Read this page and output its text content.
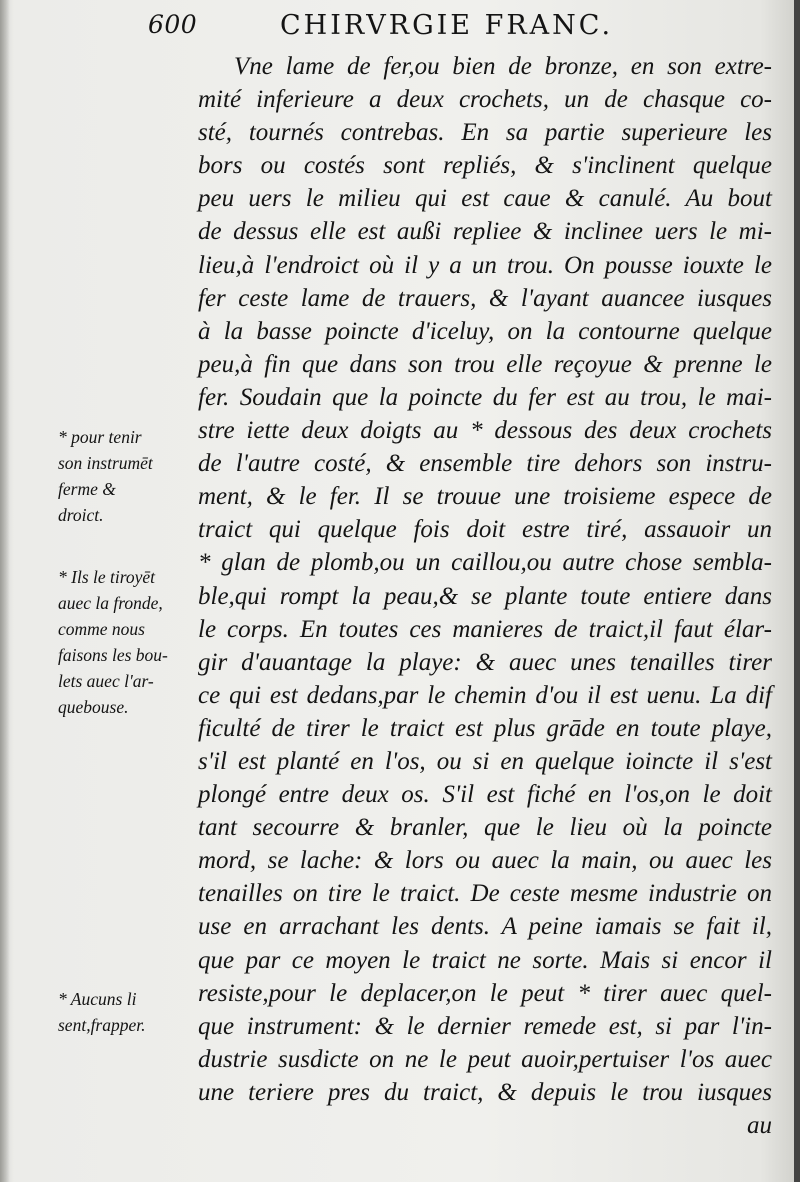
600	CHIRVRGIE FRANC.
Vne lame de fer,ou bien de bronze, en son extre-
mité inferieure a deux crochets, un de chasque co-
sté, tournés contrebas. En sa partie superieure les
bors ou costés sont repliés, & s'inclinent quelque
peu uers le milieu qui est caue & canulé. Au bout
de dessus elle est außi repliee & inclinee uers le mi-
lieu,à l'endroict où il y a un trou. On pousse iouxte le
fer ceste lame de trauers, & l'ayant auancee iusques
à la basse poincte d'iceluy, on la contourne quelque
peu,à fin que dans son trou elle reçoyue & prenne le
fer. Soudain que la poincte du fer est au trou, le mai-
stre iette deux doigts au * dessous des deux crochets
de l'autre costé, & ensemble tire dehors son instru-
ment, & le fer. Il se trouue une troisieme espece de
traict qui quelque fois doit estre tiré, assauoir un
* glan de plomb,ou un caillou,ou autre chose sembla-
ble,qui rompt la peau,& se plante toute entiere dans
le corps. En toutes ces manieres de traict,il faut élar-
gir d'auantage la playe: & auec unes tenailles tirer
ce qui est dedans,par le chemin d'ou il est uenu. La dif
ficulté de tirer le traict est plus grāde en toute playe,
s'il est planté en l'os, ou si en quelque ioincte il s'est
plongé entre deux os. S'il est fiché en l'os,on le doit
tant secourre & branler, que le lieu où la poincte
mord, se lache: & lors ou auec la main, ou auec les
tenailles on tire le traict. De ceste mesme industrie on
use en arrachant les dents. A peine iamais se fait il,
que par ce moyen le traict ne sorte. Mais si encor il
resiste,pour le deplacer,on le peut * tirer auec quel-
que instrument: & le dernier remede est, si par l'in-
dustrie susdicte on ne le peut auoir,pertuiser l'os auec
une teriere pres du traict, & depuis le trou iusques
au
* pour tenir
son instrumēt
ferme &
droict.
* Ils le tiroyēt
auec la fronde,
comme nous
faisons les bou-
lets auec l'ar-
quebouse.
* Aucuns li
sent,frapper.
